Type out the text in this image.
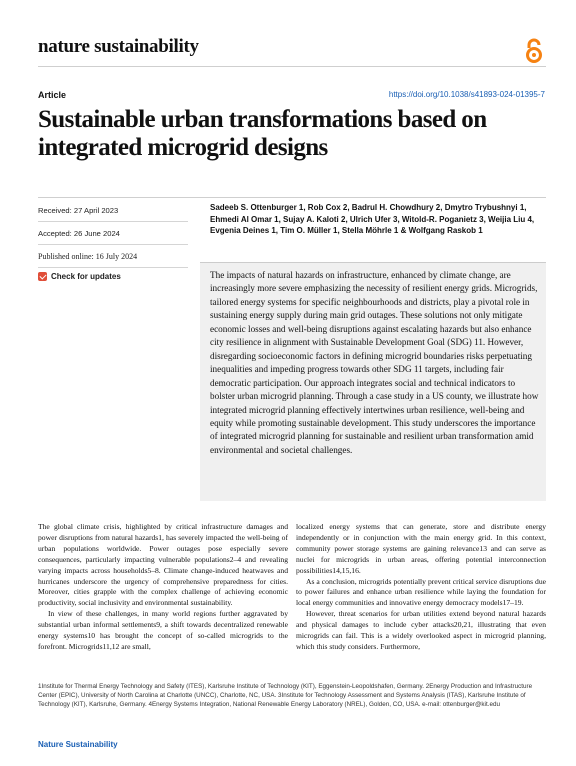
nature sustainability
Article	https://doi.org/10.1038/s41893-024-01395-7
Sustainable urban transformations based on integrated microgrid designs
Received: 27 April 2023
Accepted: 26 June 2024
Published online: 16 July 2024
Check for updates
Sadeeb S. Ottenburger 1, Rob Cox 2, Badrul H. Chowdhury 2, Dmytro Trybushnyi 1, Ehmedi Al Omar 1, Sujay A. Kaloti 2, Ulrich Ufer 3, Witold-R. Poganietz 3, Weijia Liu 4, Evgenia Deines 1, Tim O. Müller 1, Stella Möhrle 1 & Wolfgang Raskob 1

The impacts of natural hazards on infrastructure, enhanced by climate change, are increasingly more severe emphasizing the necessity of resilient energy grids. Microgrids, tailored energy systems for specific neighbourhoods and districts, play a pivotal role in sustaining energy supply during main grid outages. These solutions not only mitigate economic losses and well-being disruptions against escalating hazards but also enhance city resilience in alignment with Sustainable Development Goal (SDG) 11. However, disregarding socioeconomic factors in defining microgrid boundaries risks perpetuating inequalities and impeding progress towards other SDG 11 targets, including fair democratic participation. Our approach integrates social and technical indicators to bolster urban microgrid planning. Through a case study in a US county, we illustrate how integrated microgrid planning effectively intertwines urban resilience, well-being and equity while promoting sustainable development. This study underscores the importance of integrated microgrid planning for sustainable and resilient urban transformation amid environmental and societal challenges.

The global climate crisis, highlighted by critical infrastructure damages and power disruptions from natural hazards1, has severely impacted the well-being of urban populations worldwide. Power outages pose especially severe consequences, particularly impacting vulnerable populations2–4 and revealing varying impacts across households5–8. Climate change-induced heatwaves and hurricanes underscore the urgency of comprehensive preparedness for cities. Moreover, cities grapple with the complex challenge of achieving economic productivity, social inclusivity and environmental sustainability.

In view of these challenges, in many world regions further aggravated by substantial urban informal settlements9, a shift towards decentralized renewable energy systems10 has brought the concept of so-called microgrids to the forefront. Microgrids11,12 are small,

localized energy systems that can generate, store and distribute energy independently or in conjunction with the main energy grid. In this context, community power storage systems are gaining relevance13 and can serve as nuclei for microgrids in urban areas, offering potential interconnection possibilities14,15,16.

As a conclusion, microgrids potentially prevent critical service disruptions due to power failures and enhance urban resilience while laying the foundation for local energy communities and innovative energy democracy models17–19.

However, threat scenarios for urban utilities extend beyond natural hazards and physical damages to include cyber attacks20,21, illustrating that even microgrids can fail. This is a widely overlooked aspect in microgrid planning, which this study considers. Furthermore,

1Institute for Thermal Energy Technology and Safety (ITES), Karlsruhe Institute of Technology (KIT), Eggenstein-Leopoldshafen, Germany. 2Energy Production and Infrastructure Center (EPIC), University of North Carolina at Charlotte (UNCC), Charlotte, NC, USA. 3Institute for Technology Assessment and Systems Analysis (ITAS), Karlsruhe Institute of Technology (KIT), Karlsruhe, Germany. 4Energy Systems Integration, National Renewable Energy Laboratory (NREL), Golden, CO, USA. e-mail: ottenburger@kit.edu

Nature Sustainability
